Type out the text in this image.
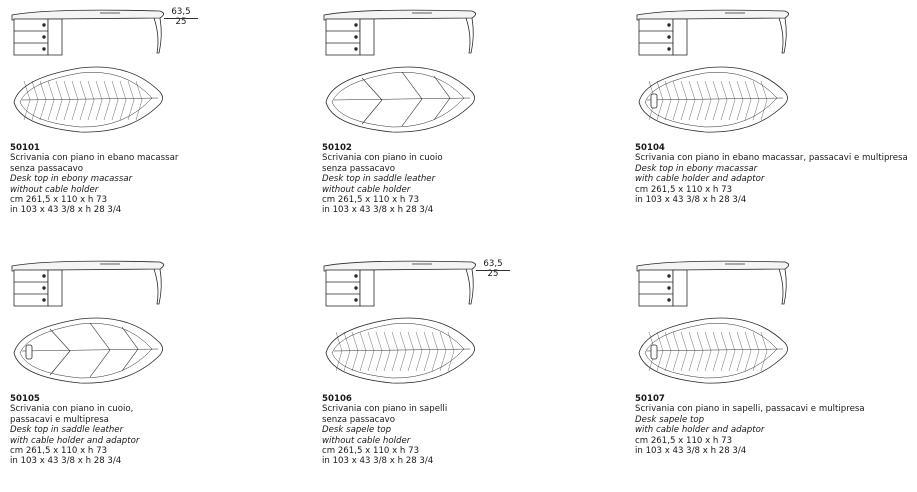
50101
Scrivania con piano in ebano macassar
senza passacavo
Desk top in ebony macassar
without cable holder
cm 261,5 x 110 x h 73
in 103 x 43 3/8 x h 28 3/4
63,5
25
50102
Scrivania con piano in cuoio
senza passacavo
Desk top in saddle leather
without cable holder
cm 261,5 x 110 x h 73
in 103 x 43 3/8 x h 28 3/4
50104
Scrivania con piano in ebano macassar, passacavi e multipresa
Desk top in ebony macassar
with cable holder and adaptor
cm 261,5 x 110 x h 73
in 103 x 43 3/8 x h 28 3/4
50105
Scrivania con piano in cuoio,
passacavi e multipresa
Desk top in saddle leather
with cable holder and adaptor
cm 261,5 x 110 x h 73
in 103 x 43 3/8 x h 28 3/4
50106
Scrivania con piano in sapelli
senza passacavo
Desk sapele top
without cable holder
cm 261,5 x 110 x h 73
in 103 x 43 3/8 x h 28 3/4
63,5
25
50107
Scrivania con piano in sapelli, passacavi e multipresa
Desk sapele top
with cable holder and adaptor
cm 261,5 x 110 x h 73
in 103 x 43 3/8 x h 28 3/4
